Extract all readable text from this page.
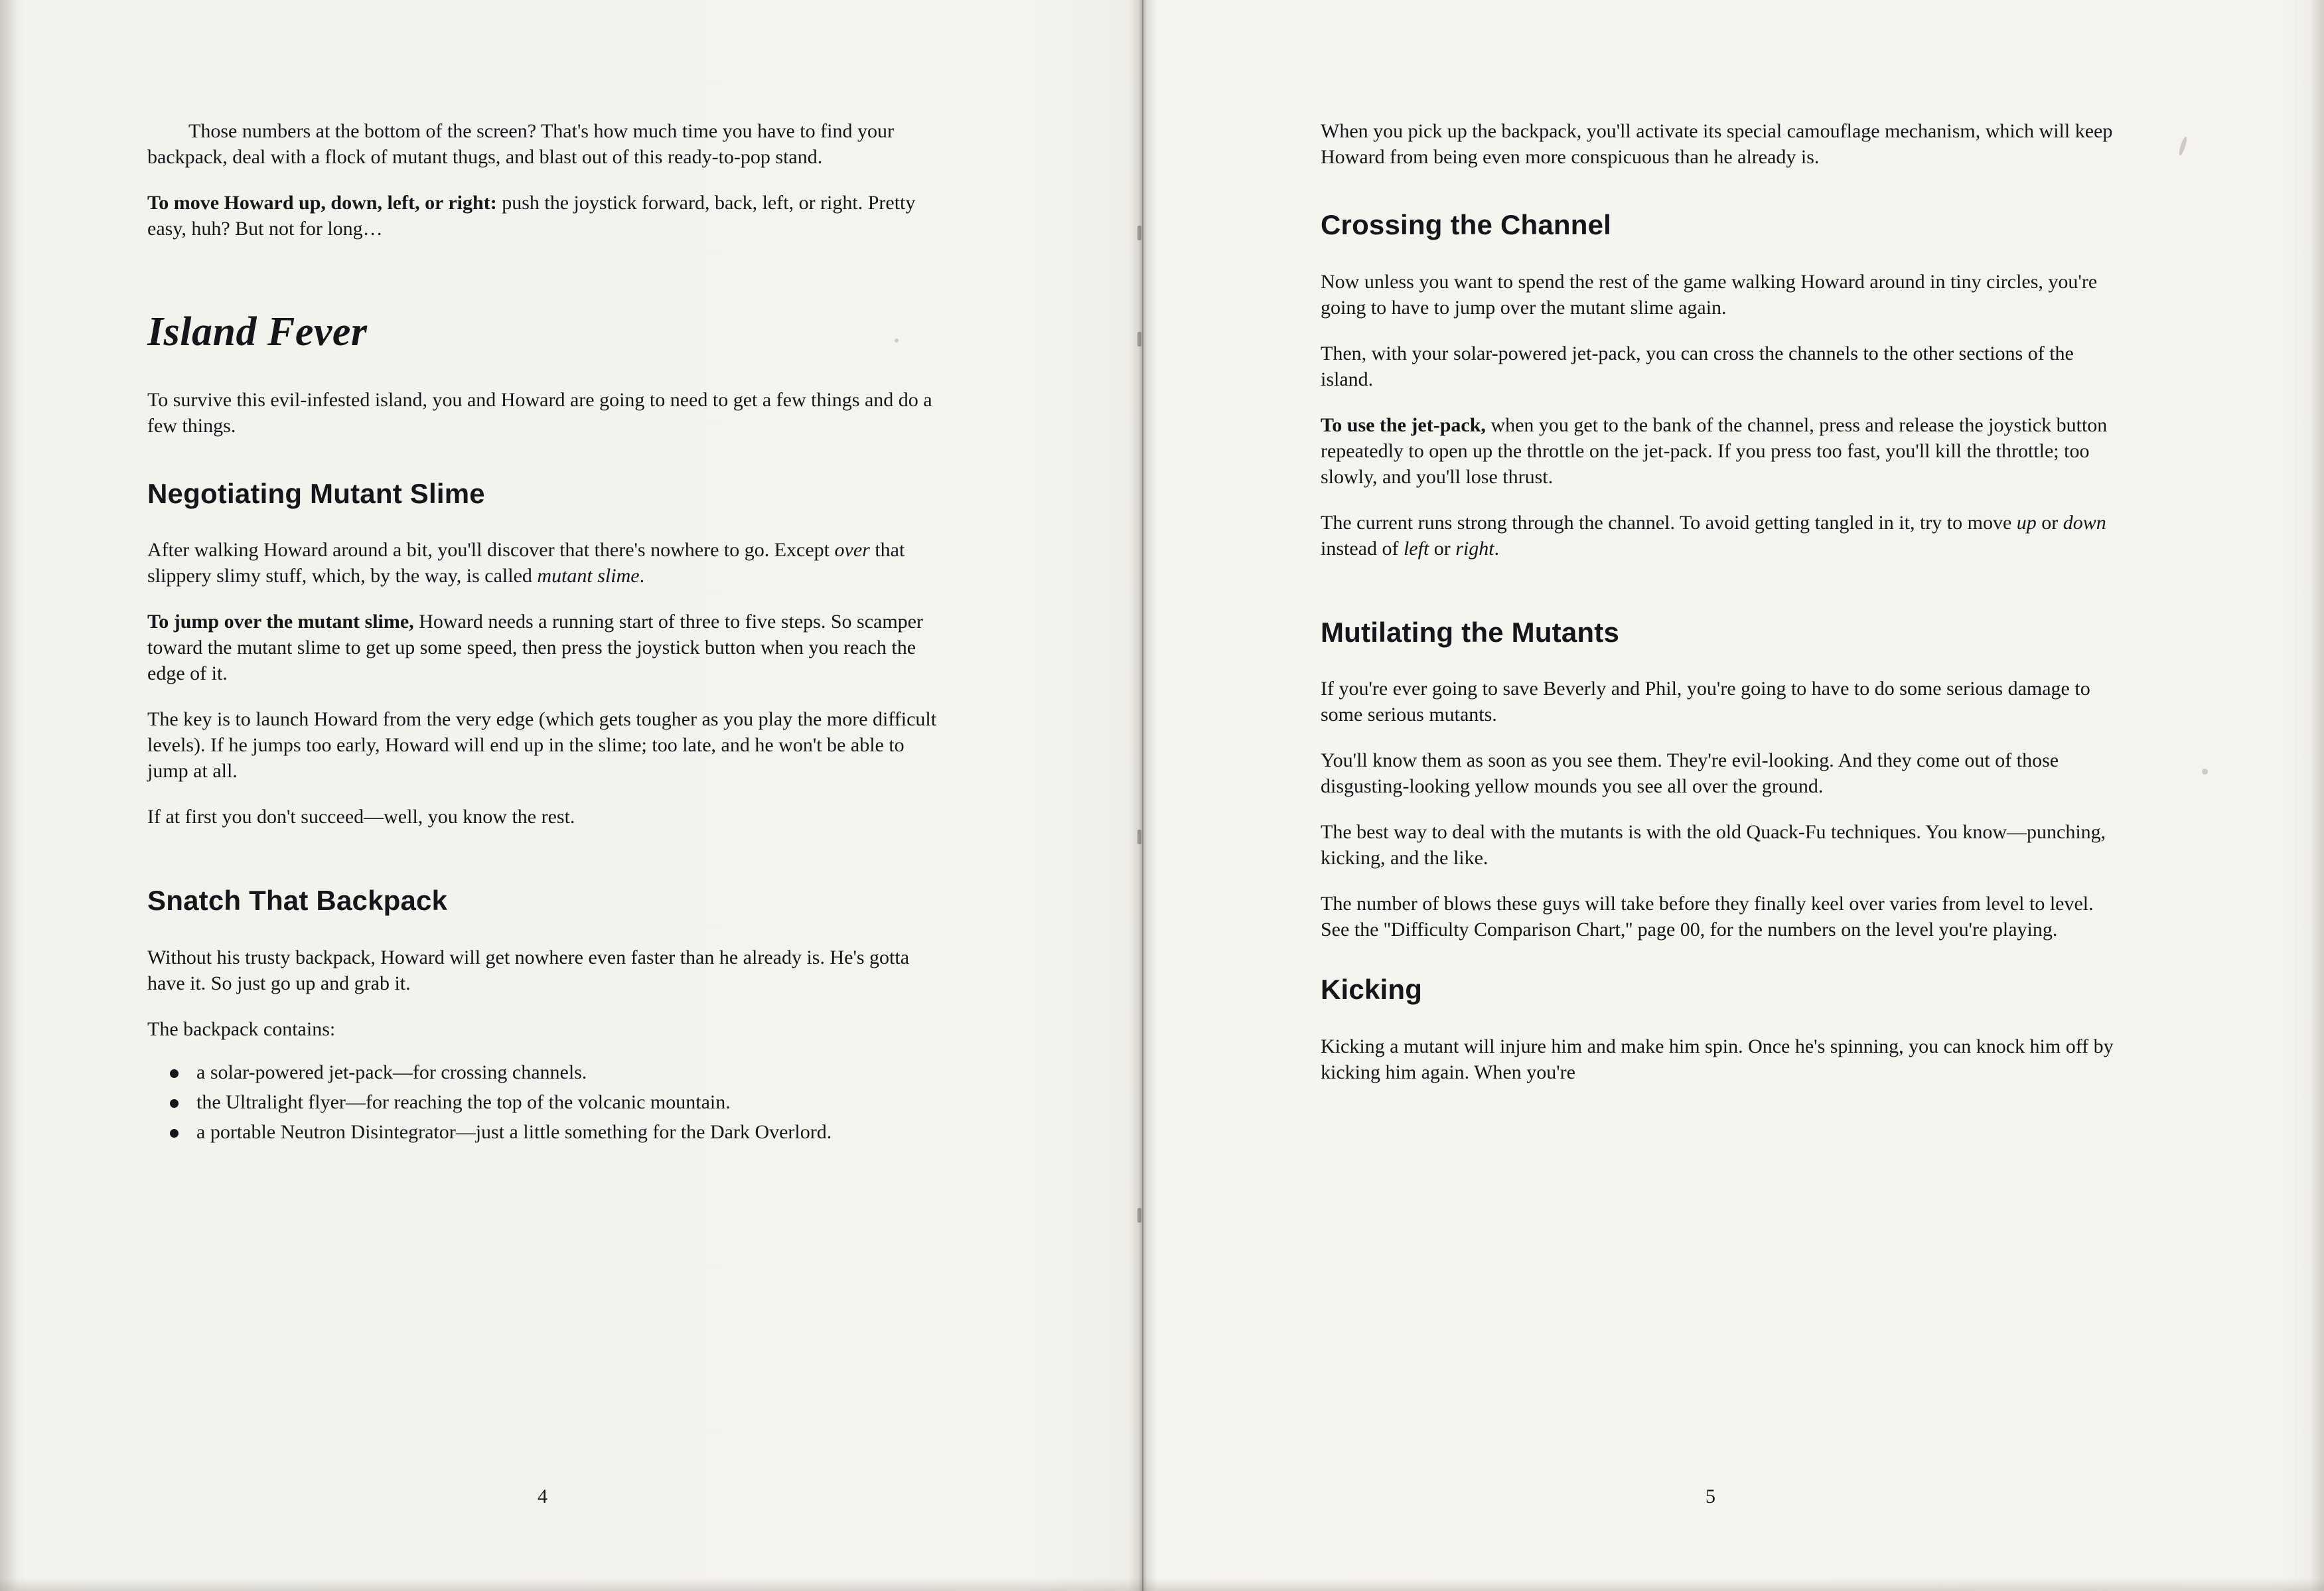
Those numbers at the bottom of the screen? That's how much time you have to find your backpack, deal with a flock of mutant thugs, and blast out of this ready-to-pop stand.

To move Howard up, down, left, or right: push the joystick forward, back, left, or right. Pretty easy, huh? But not for long…

Island Fever

To survive this evil-infested island, you and Howard are going to need to get a few things and do a few things.

Negotiating Mutant Slime

After walking Howard around a bit, you'll discover that there's nowhere to go. Except over that slippery slimy stuff, which, by the way, is called mutant slime.

To jump over the mutant slime, Howard needs a running start of three to five steps. So scamper toward the mutant slime to get up some speed, then press the joystick button when you reach the edge of it.

The key is to launch Howard from the very edge (which gets tougher as you play the more difficult levels). If he jumps too early, Howard will end up in the slime; too late, and he won't be able to jump at all.

If at first you don't succeed—well, you know the rest.

Snatch That Backpack

Without his trusty backpack, Howard will get nowhere even faster than he already is. He's gotta have it. So just go up and grab it.

The backpack contains:

a solar-powered jet-pack—for crossing channels.
the Ultralight flyer—for reaching the top of the volcanic mountain.
a portable Neutron Disintegrator—just a little something for the Dark Overlord.
4

When you pick up the backpack, you'll activate its special camouflage mechanism, which will keep Howard from being even more conspicuous than he already is.

Crossing the Channel

Now unless you want to spend the rest of the game walking Howard around in tiny circles, you're going to have to jump over the mutant slime again.

Then, with your solar-powered jet-pack, you can cross the channels to the other sections of the island.

To use the jet-pack, when you get to the bank of the channel, press and release the joystick button repeatedly to open up the throttle on the jet-pack. If you press too fast, you'll kill the throttle; too slowly, and you'll lose thrust.

The current runs strong through the channel. To avoid getting tangled in it, try to move up or down instead of left or right.

Mutilating the Mutants

If you're ever going to save Beverly and Phil, you're going to have to do some serious damage to some serious mutants.

You'll know them as soon as you see them. They're evil-looking. And they come out of those disgusting-looking yellow mounds you see all over the ground.

The best way to deal with the mutants is with the old Quack-Fu techniques. You know—punching, kicking, and the like.

The number of blows these guys will take before they finally keel over varies from level to level. See the ''Difficulty Comparison Chart,'' page 00, for the numbers on the level you're playing.

Kicking

Kicking a mutant will injure him and make him spin. Once he's spinning, you can knock him off by kicking him again. When you're

5
